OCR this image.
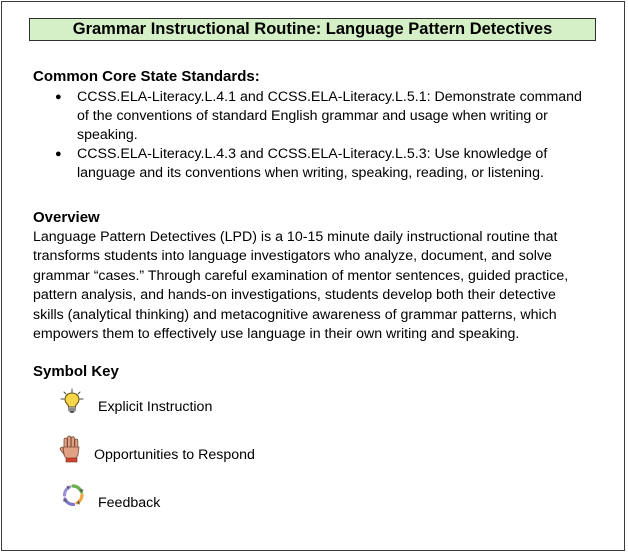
Grammar Instructional Routine: Language Pattern Detectives
Common Core State Standards:
● CCSS.ELA-Literacy.L.4.1 and CCSS.ELA-Literacy.L.5.1: Demonstrate command
of the conventions of standard English grammar and usage when writing or
speaking.
● CCSS.ELA-Literacy.L.4.3 and CCSS.ELA-Literacy.L.5.3: Use knowledge of
language and its conventions when writing, speaking, reading, or listening.
Overview
Language Pattern Detectives (LPD) is a 10-15 minute daily instructional routine that
transforms students into language investigators who analyze, document, and solve
grammar “cases.” Through careful examination of mentor sentences, guided practice,
pattern analysis, and hands-on investigations, students develop both their detective
skills (analytical thinking) and metacognitive awareness of grammar patterns, which
empowers them to effectively use language in their own writing and speaking.
Symbol Key
Explicit Instruction
Opportunities to Respond
Feedback
